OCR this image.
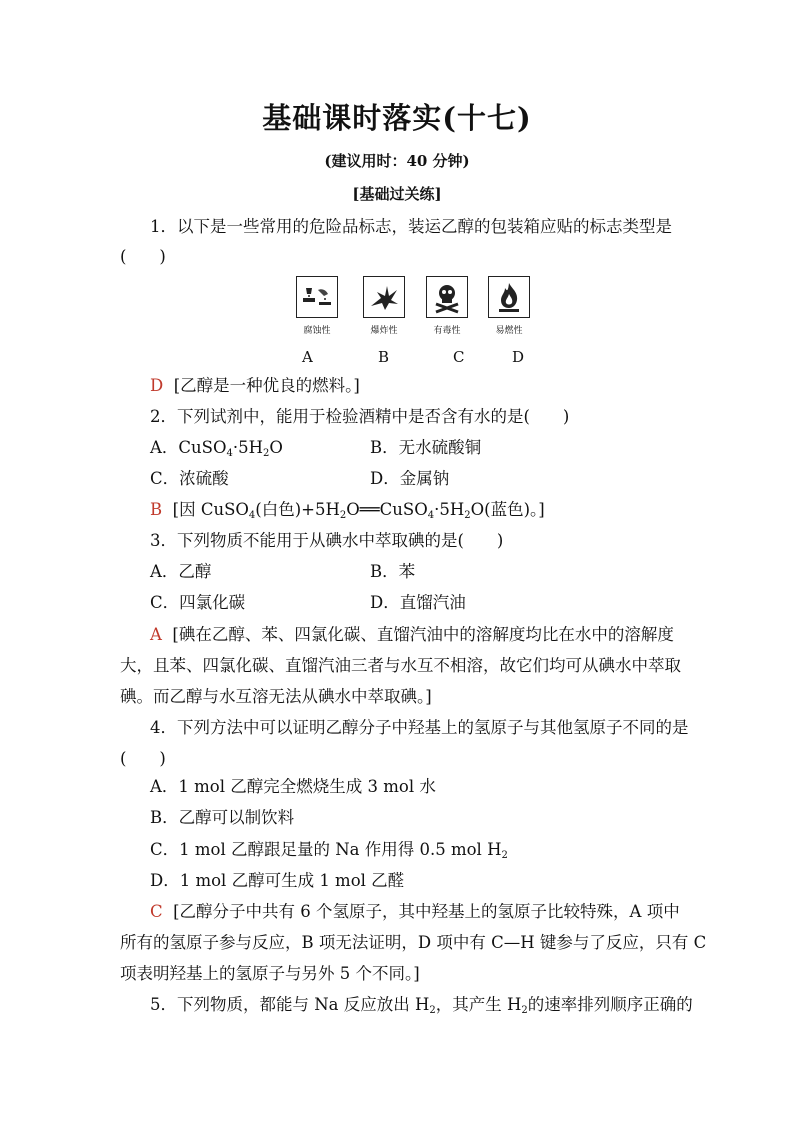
基础课时落实(十七)
(建议用时：40 分钟)
[基础过关练]
1．以下是一些常用的危险品标志，装运乙醇的包装箱应贴的标志类型是
(　　)
腐蚀性	爆炸性	有毒性	易燃性
A	B	C	D
D [乙醇是一种优良的燃料。]
2．下列试剂中，能用于检验酒精中是否含有水的是(　　)
A．$CuSO_4\cdot 5H_2O$	B．无水硫酸铜
C．浓硫酸	D．金属钠
B [因 CuSO$_4$(白色)$+5H_2O══CuSO_4\cdot 5H_2O$(蓝色)。]
3．下列物质不能用于从碘水中萃取碘的是(　　)
A．乙醇	B．苯
C．四氯化碳	D．直馏汽油
A [碘在乙醇、苯、四氯化碳、直馏汽油中的溶解度均比在水中的溶解度
大，且苯、四氯化碳、直馏汽油三者与水互不相溶，故它们均可从碘水中萃取
碘。而乙醇与水互溶无法从碘水中萃取碘。]
4．下列方法中可以证明乙醇分子中羟基上的氢原子与其他氢原子不同的是
(　　)
A．1 mol 乙醇完全燃烧生成 3 mol 水
B．乙醇可以制饮料
C．1 mol 乙醇跟足量的 Na 作用得 0.5 mol $H_2$
D．1 mol 乙醇可生成 1 mol 乙醛
C [乙醇分子中共有 6 个氢原子，其中羟基上的氢原子比较特殊，A 项中
所有的氢原子参与反应，B 项无法证明，D 项中有 C—H 键参与了反应，只有 C
项表明羟基上的氢原子与另外 5 个不同。]
5．下列物质，都能与 Na 反应放出 $H_2$，其产生 $H_2$的速率排列顺序正确的
